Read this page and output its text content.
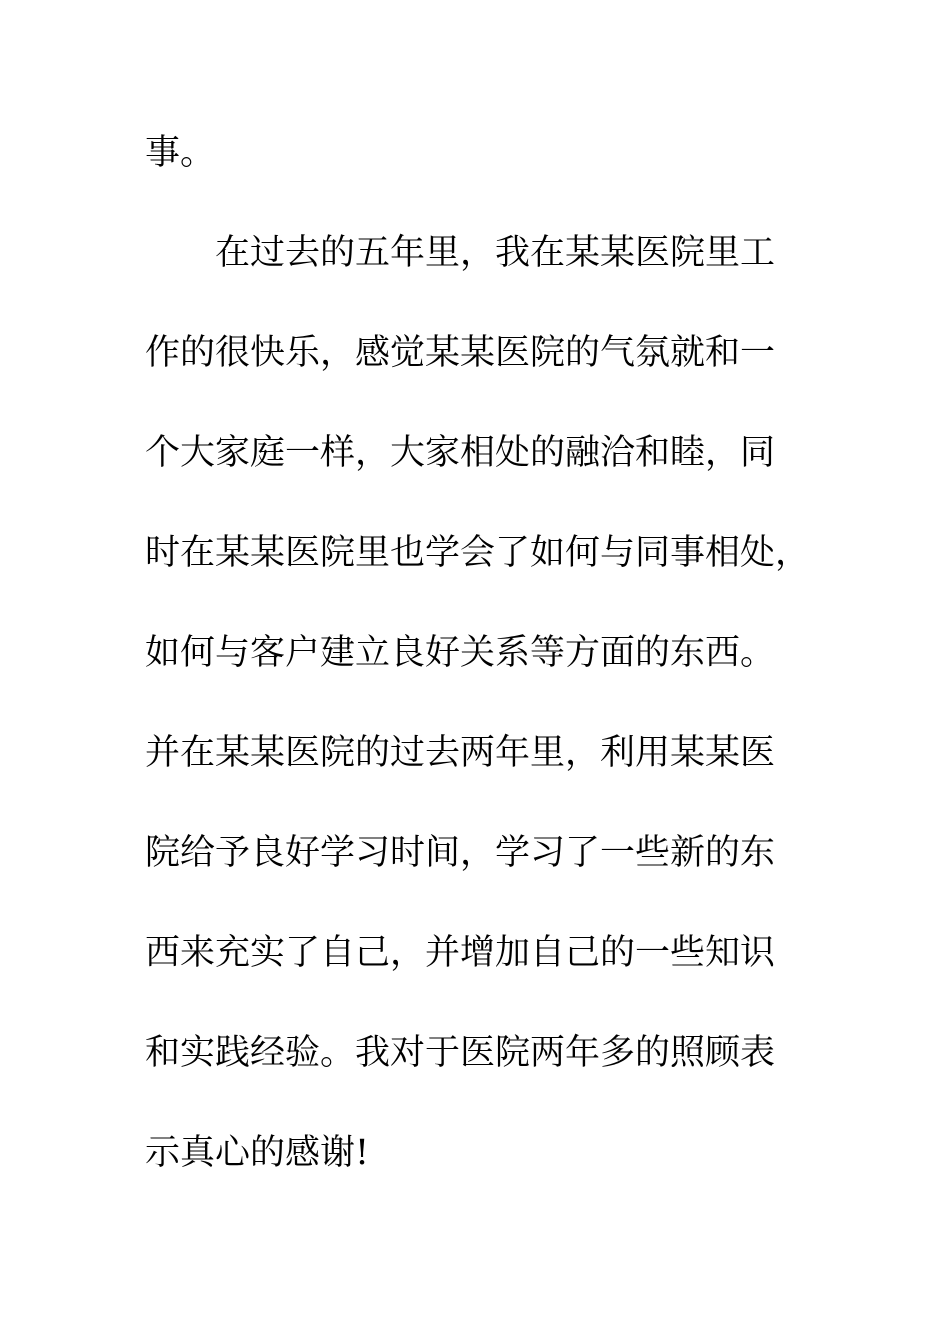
事。
在过去的五年里，我在某某医院里工
作的很快乐，感觉某某医院的气氛就和一
个大家庭一样，大家相处的融洽和睦，同
时在某某医院里也学会了如何与同事相处，
如何与客户建立良好关系等方面的东西。
并在某某医院的过去两年里，利用某某医
院给予良好学习时间，学习了一些新的东
西来充实了自己，并增加自己的一些知识
和实践经验。我对于医院两年多的照顾表
示真心的感谢!
